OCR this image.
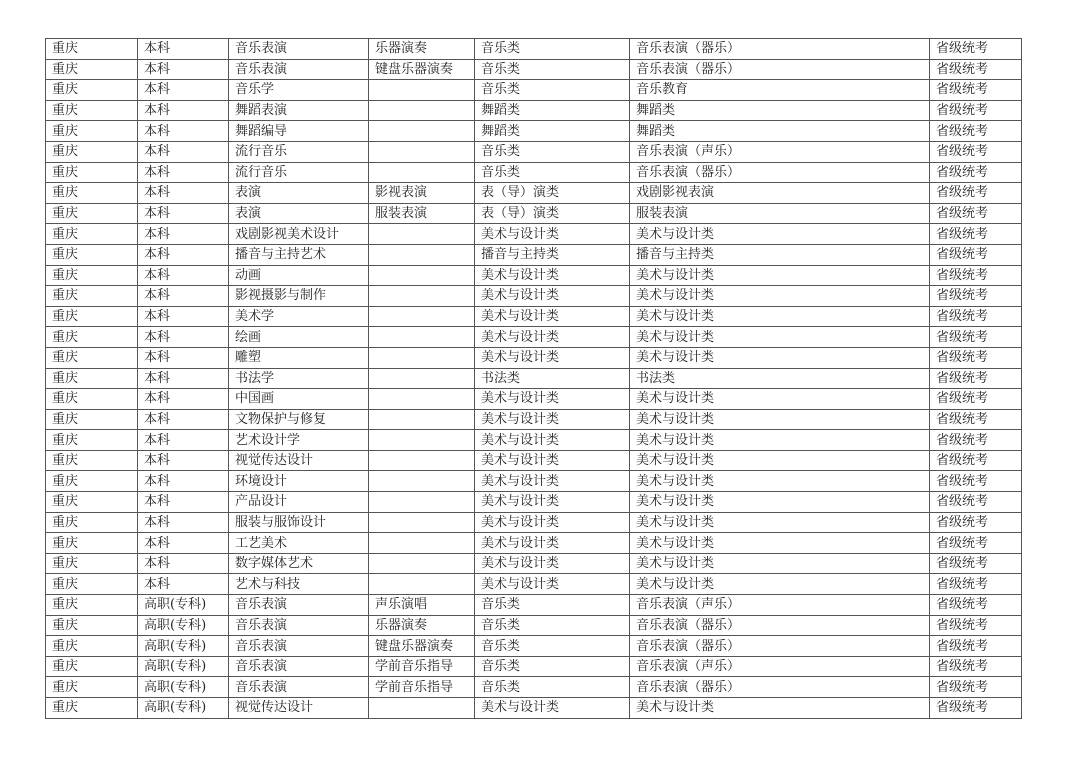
重庆	本科	音乐表演	乐器演奏	音乐类	音乐表演（器乐）	省级统考
重庆	本科	音乐表演	键盘乐器演奏	音乐类	音乐表演（器乐）	省级统考
重庆	本科	音乐学		音乐类	音乐教育	省级统考
重庆	本科	舞蹈表演		舞蹈类	舞蹈类	省级统考
重庆	本科	舞蹈编导		舞蹈类	舞蹈类	省级统考
重庆	本科	流行音乐		音乐类	音乐表演（声乐）	省级统考
重庆	本科	流行音乐		音乐类	音乐表演（器乐）	省级统考
重庆	本科	表演	影视表演	表（导）演类	戏剧影视表演	省级统考
重庆	本科	表演	服装表演	表（导）演类	服装表演	省级统考
重庆	本科	戏剧影视美术设计		美术与设计类	美术与设计类	省级统考
重庆	本科	播音与主持艺术		播音与主持类	播音与主持类	省级统考
重庆	本科	动画		美术与设计类	美术与设计类	省级统考
重庆	本科	影视摄影与制作		美术与设计类	美术与设计类	省级统考
重庆	本科	美术学		美术与设计类	美术与设计类	省级统考
重庆	本科	绘画		美术与设计类	美术与设计类	省级统考
重庆	本科	雕塑		美术与设计类	美术与设计类	省级统考
重庆	本科	书法学		书法类	书法类	省级统考
重庆	本科	中国画		美术与设计类	美术与设计类	省级统考
重庆	本科	文物保护与修复		美术与设计类	美术与设计类	省级统考
重庆	本科	艺术设计学		美术与设计类	美术与设计类	省级统考
重庆	本科	视觉传达设计		美术与设计类	美术与设计类	省级统考
重庆	本科	环境设计		美术与设计类	美术与设计类	省级统考
重庆	本科	产品设计		美术与设计类	美术与设计类	省级统考
重庆	本科	服装与服饰设计		美术与设计类	美术与设计类	省级统考
重庆	本科	工艺美术		美术与设计类	美术与设计类	省级统考
重庆	本科	数字媒体艺术		美术与设计类	美术与设计类	省级统考
重庆	本科	艺术与科技		美术与设计类	美术与设计类	省级统考
重庆	高职(专科)	音乐表演	声乐演唱	音乐类	音乐表演（声乐）	省级统考
重庆	高职(专科)	音乐表演	乐器演奏	音乐类	音乐表演（器乐）	省级统考
重庆	高职(专科)	音乐表演	键盘乐器演奏	音乐类	音乐表演（器乐）	省级统考
重庆	高职(专科)	音乐表演	学前音乐指导	音乐类	音乐表演（声乐）	省级统考
重庆	高职(专科)	音乐表演	学前音乐指导	音乐类	音乐表演（器乐）	省级统考
重庆	高职(专科)	视觉传达设计		美术与设计类	美术与设计类	省级统考
